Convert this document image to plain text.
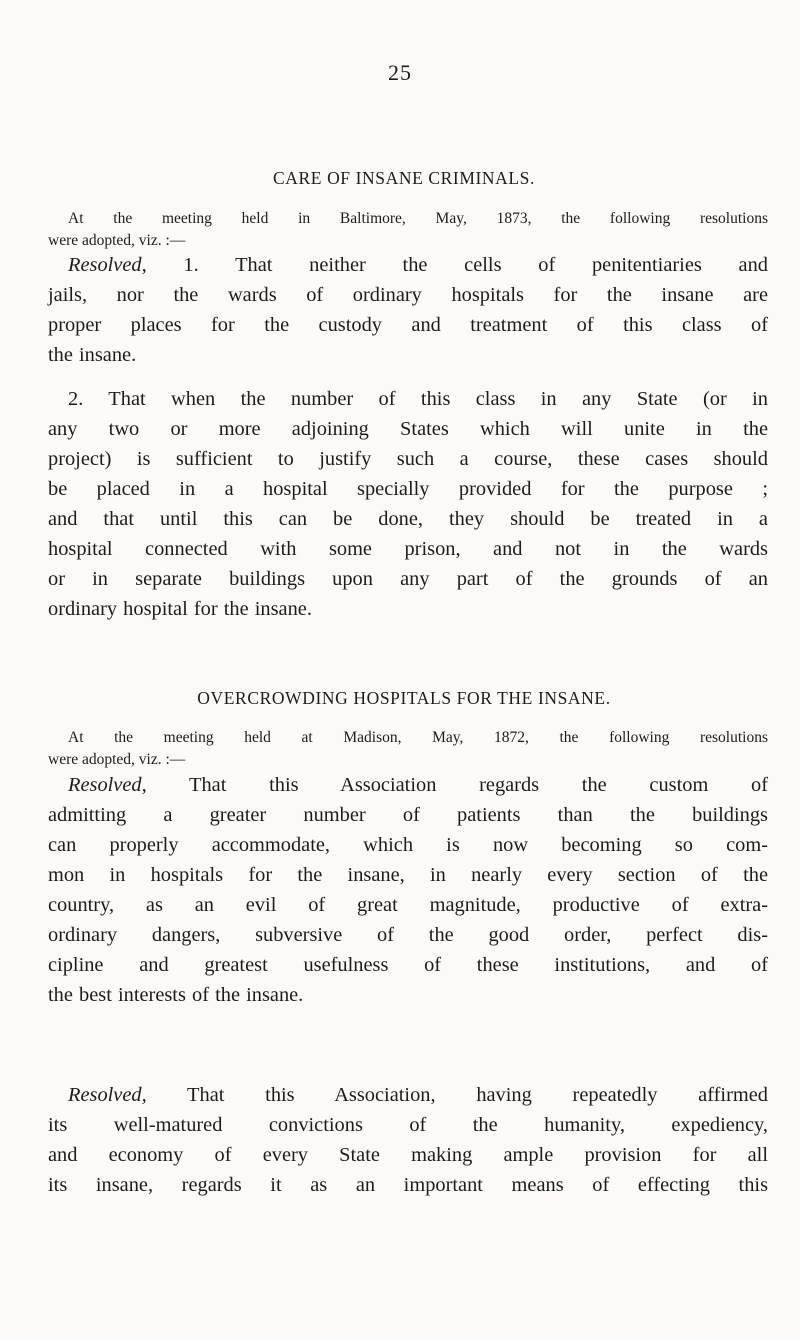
25
CARE OF INSANE CRIMINALS.

At the meeting held in Baltimore, May, 1873, the following resolutions
were adopted, viz. :—

Resolved, 1. That neither the cells of penitentiaries and
jails, nor the wards of ordinary hospitals for the insane are
proper places for the custody and treatment of this class of
the insane.

2. That when the number of this class in any State (or in
any two or more adjoining States which will unite in the
project) is sufficient to justify such a course, these cases should
be placed in a hospital specially provided for the purpose ;
and that until this can be done, they should be treated in a
hospital connected with some prison, and not in the wards
or in separate buildings upon any part of the grounds of an
ordinary hospital for the insane.

OVERCROWDING HOSPITALS FOR THE INSANE.

At the meeting held at Madison, May, 1872, the following resolutions
were adopted, viz. :—

Resolved, That this Association regards the custom of
admitting a greater number of patients than the buildings
can properly accommodate, which is now becoming so com-
mon in hospitals for the insane, in nearly every section of the
country, as an evil of great magnitude, productive of extra-
ordinary dangers, subversive of the good order, perfect dis-
cipline and greatest usefulness of these institutions, and of
the best interests of the insane.

Resolved, That this Association, having repeatedly affirmed
its well-matured convictions of the humanity, expediency,
and economy of every State making ample provision for all
its insane, regards it as an important means of effecting this
